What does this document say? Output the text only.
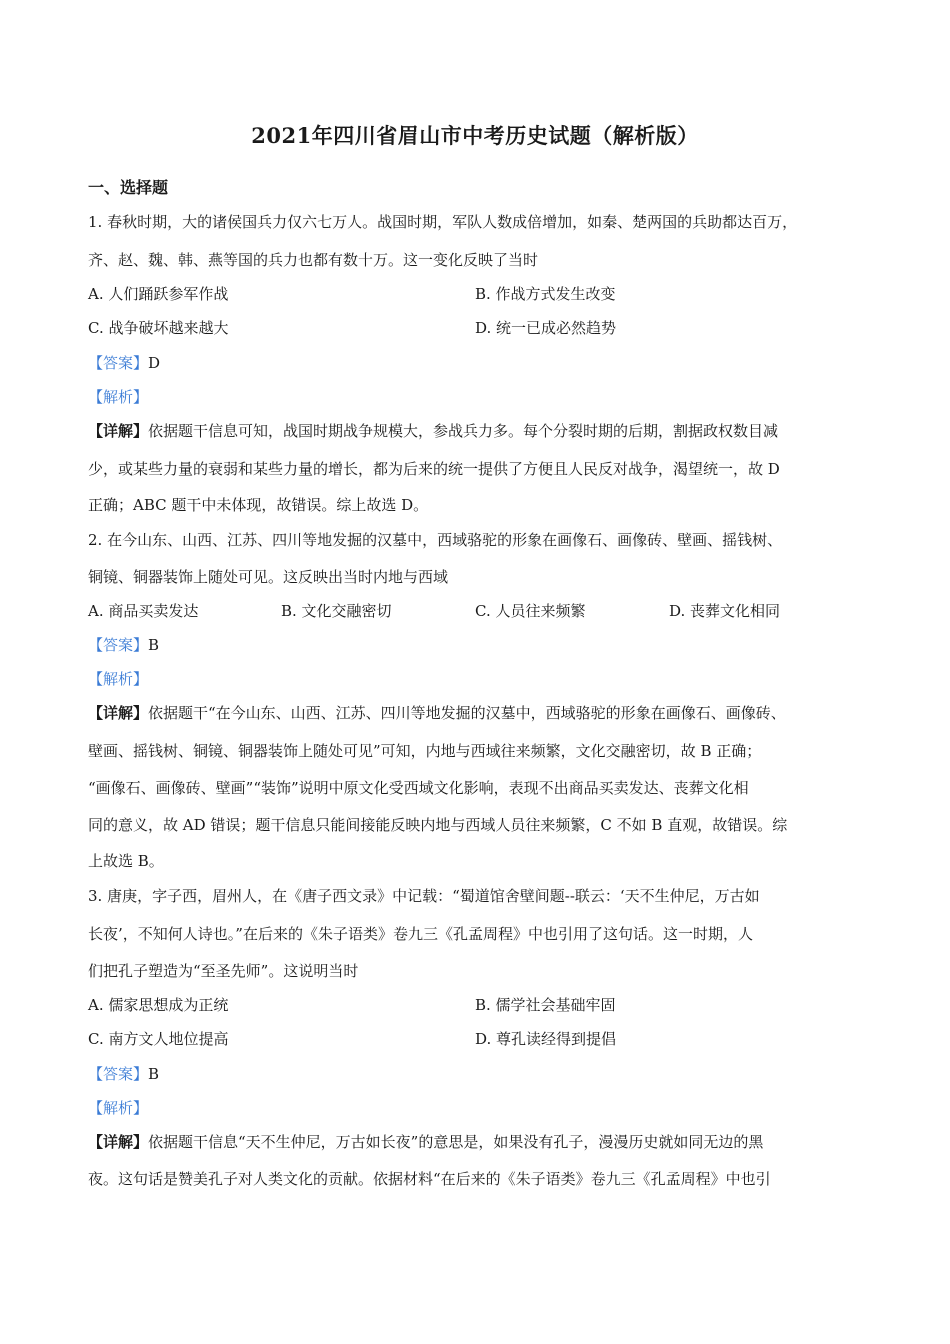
2021年四川省眉山市中考历史试题（解析版）
一、选择题
1. 春秋时期，大的诸侯国兵力仅六七万人。战国时期，军队人数成倍增加，如秦、楚两国的兵助都达百万，
齐、赵、魏、韩、燕等国的兵力也都有数十万。这一变化反映了当时
A. 人们踊跃参军作战	B. 作战方式发生改变
C. 战争破坏越来越大	D. 统一已成必然趋势
【答案】D
【解析】
【详解】依据题干信息可知，战国时期战争规模大，参战兵力多。每个分裂时期的后期，割据政权数目减
少，或某些力量的衰弱和某些力量的增长，都为后来的统一提供了方便且人民反对战争，渴望统一，故 D
正确；ABC 题干中未体现，故错误。综上故选 D。
2. 在今山东、山西、江苏、四川等地发掘的汉墓中，西域骆驼的形象在画像石、画像砖、壁画、摇钱树、
铜镜、铜器装饰上随处可见。这反映出当时内地与西域
A. 商品买卖发达	B. 文化交融密切	C. 人员往来频繁	D. 丧葬文化相同
【答案】B
【解析】
【详解】依据题干“在今山东、山西、江苏、四川等地发掘的汉墓中，西域骆驼的形象在画像石、画像砖、
壁画、摇钱树、铜镜、铜器装饰上随处可见”可知，内地与西域往来频繁，文化交融密切，故 B 正确；
“画像石、画像砖、壁画”“装饰”说明中原文化受西域文化影响，表现不出商品买卖发达、丧葬文化相
同的意义，故 AD 错误；题干信息只能间接能反映内地与西域人员往来频繁，C 不如 B 直观，故错误。综
上故选 B。
3. 唐庚，字子西，眉州人，在《唐子西文录》中记载：“蜀道馆舍壁间题--联云：‘天不生仲尼，万古如
长夜’，不知何人诗也。”在后来的《朱子语类》卷九三《孔孟周程》中也引用了这句话。这一时期，人
们把孔子塑造为“至圣先师”。这说明当时
A. 儒家思想成为正统	B. 儒学社会基础牢固
C. 南方文人地位提高	D. 尊孔读经得到提倡
【答案】B
【解析】
【详解】依据题干信息“天不生仲尼，万古如长夜”的意思是，如果没有孔子，漫漫历史就如同无边的黑
夜。这句话是赞美孔子对人类文化的贡献。依据材料“在后来的《朱子语类》卷九三《孔孟周程》中也引
